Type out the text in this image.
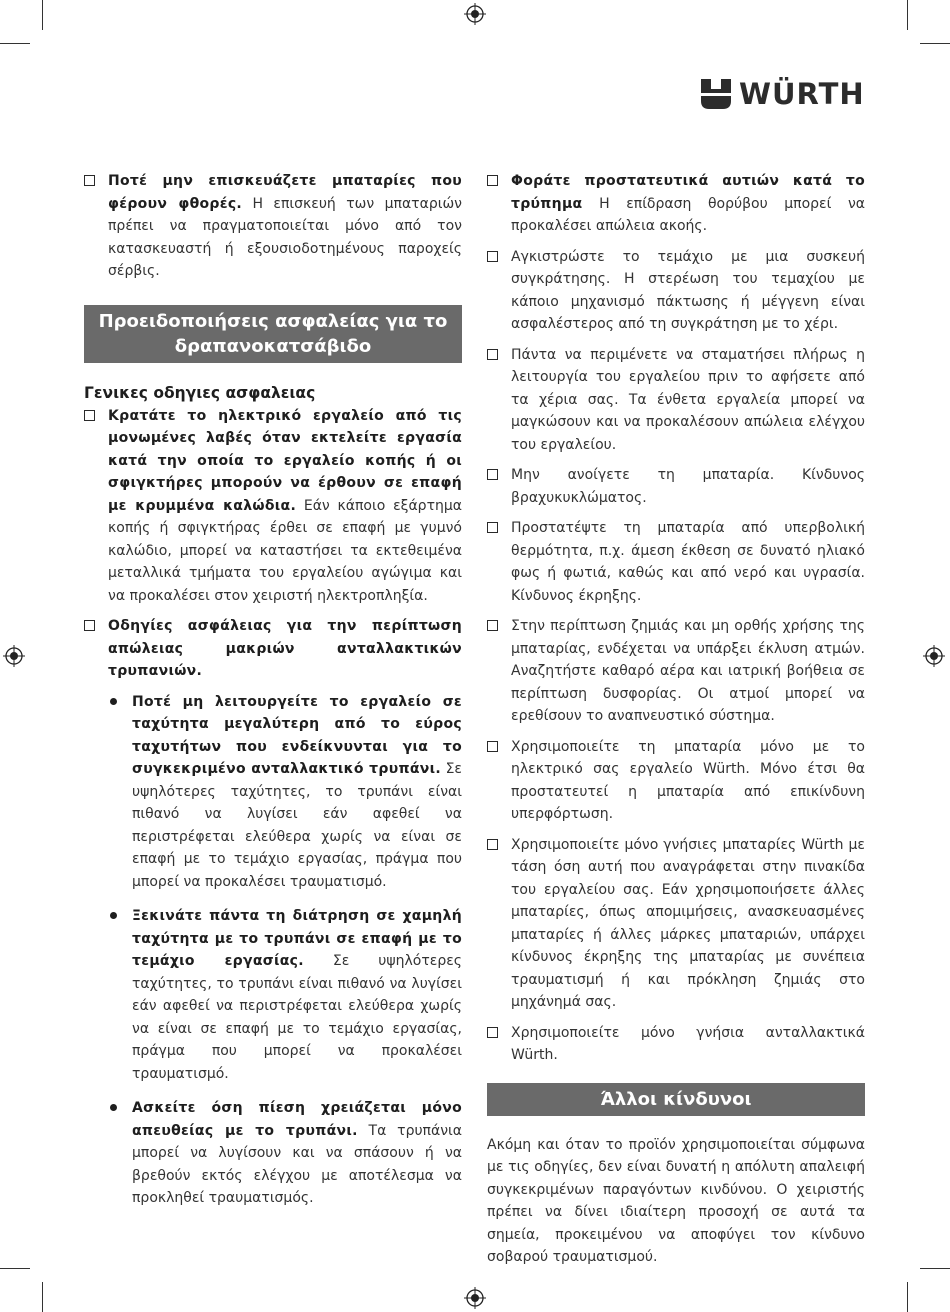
WÜRTH
Ποτέ μην επισκευάζετε μπαταρίες που φέρουν φθορές. Η επισκευή των μπαταριών πρέπει να πραγματοποιείται μόνο από τον κατασκευαστή ή εξουσιοδοτημένους παροχείς σέρβις.
Προειδοποιήσεις ασφαλείας για το δραπανοκατσάβιδο
Γενικες οδηγιες ασφαλειας
Κρατάτε το ηλεκτρικό εργαλείο από τις μονωμένες λαβές όταν εκτελείτε εργασία κατά την οποία το εργαλείο κοπής ή οι σφιγκτήρες μπορούν να έρθουν σε επαφή με κρυμμένα καλώδια. Εάν κάποιο εξάρτημα κοπής ή σφιγκτήρας έρθει σε επαφή με γυμνό καλώδιο, μπορεί να καταστήσει τα εκτεθειμένα μεταλλικά τμήματα του εργαλείου αγώγιμα και να προκαλέσει στον χειριστή ηλεκτροπληξία.
Οδηγίες ασφάλειας για την περίπτωση απώλειας μακριών ανταλλακτικών τρυπανιών.
Ποτέ μη λειτουργείτε το εργαλείο σε ταχύτητα μεγαλύτερη από το εύρος ταχυτήτων που ενδείκνυνται για το συγκεκριμένο ανταλλακτικό τρυπάνι. Σε υψηλότερες ταχύτητες, το τρυπάνι είναι πιθανό να λυγίσει εάν αφεθεί να περιστρέφεται ελεύθερα χωρίς να είναι σε επαφή με το τεμάχιο εργασίας, πράγμα που μπορεί να προκαλέσει τραυματισμό.
Ξεκινάτε πάντα τη διάτρηση σε χαμηλή ταχύτητα με το τρυπάνι σε επαφή με το τεμάχιο εργασίας. Σε υψηλότερες ταχύτητες, το τρυπάνι είναι πιθανό να λυγίσει εάν αφεθεί να περιστρέφεται ελεύθερα χωρίς να είναι σε επαφή με το τεμάχιο εργασίας, πράγμα που μπορεί να προκαλέσει τραυματισμό.
Ασκείτε όση πίεση χρειάζεται μόνο απευθείας με το τρυπάνι. Τα τρυπάνια μπορεί να λυγίσουν και να σπάσουν ή να βρεθούν εκτός ελέγχου με αποτέλεσμα να προκληθεί τραυματισμός.
Φοράτε προστατευτικά αυτιών κατά το τρύπημα Η επίδραση θορύβου μπορεί να προκαλέσει απώλεια ακοής.
Αγκιστρώστε το τεμάχιο με μια συσκευή συγκράτησης. Η στερέωση του τεμαχίου με κάποιο μηχανισμό πάκτωσης ή μέγγενη είναι ασφαλέστερος από τη συγκράτηση με το χέρι.
Πάντα να περιμένετε να σταματήσει πλήρως η λειτουργία του εργαλείου πριν το αφήσετε από τα χέρια σας. Τα ένθετα εργαλεία μπορεί να μαγκώσουν και να προκαλέσουν απώλεια ελέγχου του εργαλείου.
Μην ανοίγετε τη μπαταρία. Κίνδυνος βραχυκυκλώματος.
Προστατέψτε τη μπαταρία από υπερβολική θερμότητα, π.χ. άμεση έκθεση σε δυνατό ηλιακό φως ή φωτιά, καθώς και από νερό και υγρασία. Κίνδυνος έκρηξης.
Στην περίπτωση ζημιάς και μη ορθής χρήσης της μπαταρίας, ενδέχεται να υπάρξει έκλυση ατμών. Αναζητήστε καθαρό αέρα και ιατρική βοήθεια σε περίπτωση δυσφορίας. Οι ατμοί μπορεί να ερεθίσουν το αναπνευστικό σύστημα.
Χρησιμοποιείτε τη μπαταρία μόνο με το ηλεκτρικό σας εργαλείο Würth. Μόνο έτσι θα προστατευτεί η μπαταρία από επικίνδυνη υπερφόρτωση.
Χρησιμοποιείτε μόνο γνήσιες μπαταρίες Würth με τάση όση αυτή που αναγράφεται στην πινακίδα του εργαλείου σας. Εάν χρησιμοποιήσετε άλλες μπαταρίες, όπως απομιμήσεις, ανασκευασμένες μπαταρίες ή άλλες μάρκες μπαταριών, υπάρχει κίνδυνος έκρηξης της μπαταρίας με συνέπεια τραυματισμή ή και πρόκληση ζημιάς στο μηχάνημά σας.
Χρησιμοποιείτε μόνο γνήσια ανταλλακτικά Würth.
Άλλοι κίνδυνοι
Ακόμη και όταν το προϊόν χρησιμοποιείται σύμφωνα με τις οδηγίες, δεν είναι δυνατή η απόλυτη απαλειφή συγκεκριμένων παραγόντων κινδύνου. Ο χειριστής πρέπει να δίνει ιδιαίτερη προσοχή σε αυτά τα σημεία, προκειμένου να αποφύγει τον κίνδυνο σοβαρού τραυματισμού.
